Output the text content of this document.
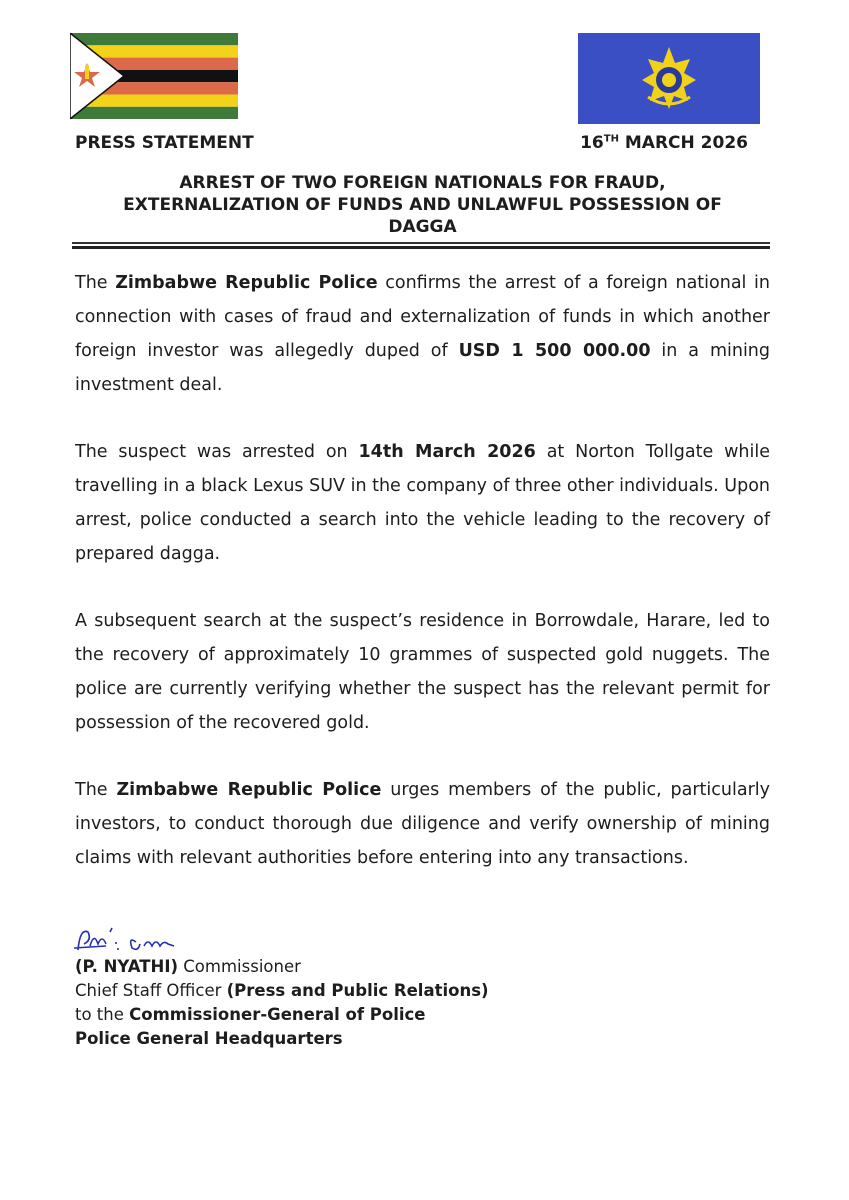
PRESS STATEMENT	16TH MARCH 2026
ARREST OF TWO FOREIGN NATIONALS FOR FRAUD,
EXTERNALIZATION OF FUNDS AND UNLAWFUL POSSESSION OF
DAGGA
The Zimbabwe Republic Police confirms the arrest of a foreign national in
connection with cases of fraud and externalization of funds in which another
foreign investor was allegedly duped of USD 1 500 000.00 in a mining
investment deal.
The suspect was arrested on 14th March 2026 at Norton Tollgate while
travelling in a black Lexus SUV in the company of three other individuals. Upon
arrest, police conducted a search into the vehicle leading to the recovery of
prepared dagga.
A subsequent search at the suspect’s residence in Borrowdale, Harare, led to
the recovery of approximately 10 grammes of suspected gold nuggets. The
police are currently verifying whether the suspect has the relevant permit for
possession of the recovered gold.
The Zimbabwe Republic Police urges members of the public, particularly
investors, to conduct thorough due diligence and verify ownership of mining
claims with relevant authorities before entering into any transactions.
(P. NYATHI) Commissioner
Chief Staff Officer (Press and Public Relations)
to the Commissioner-General of Police
Police General Headquarters
